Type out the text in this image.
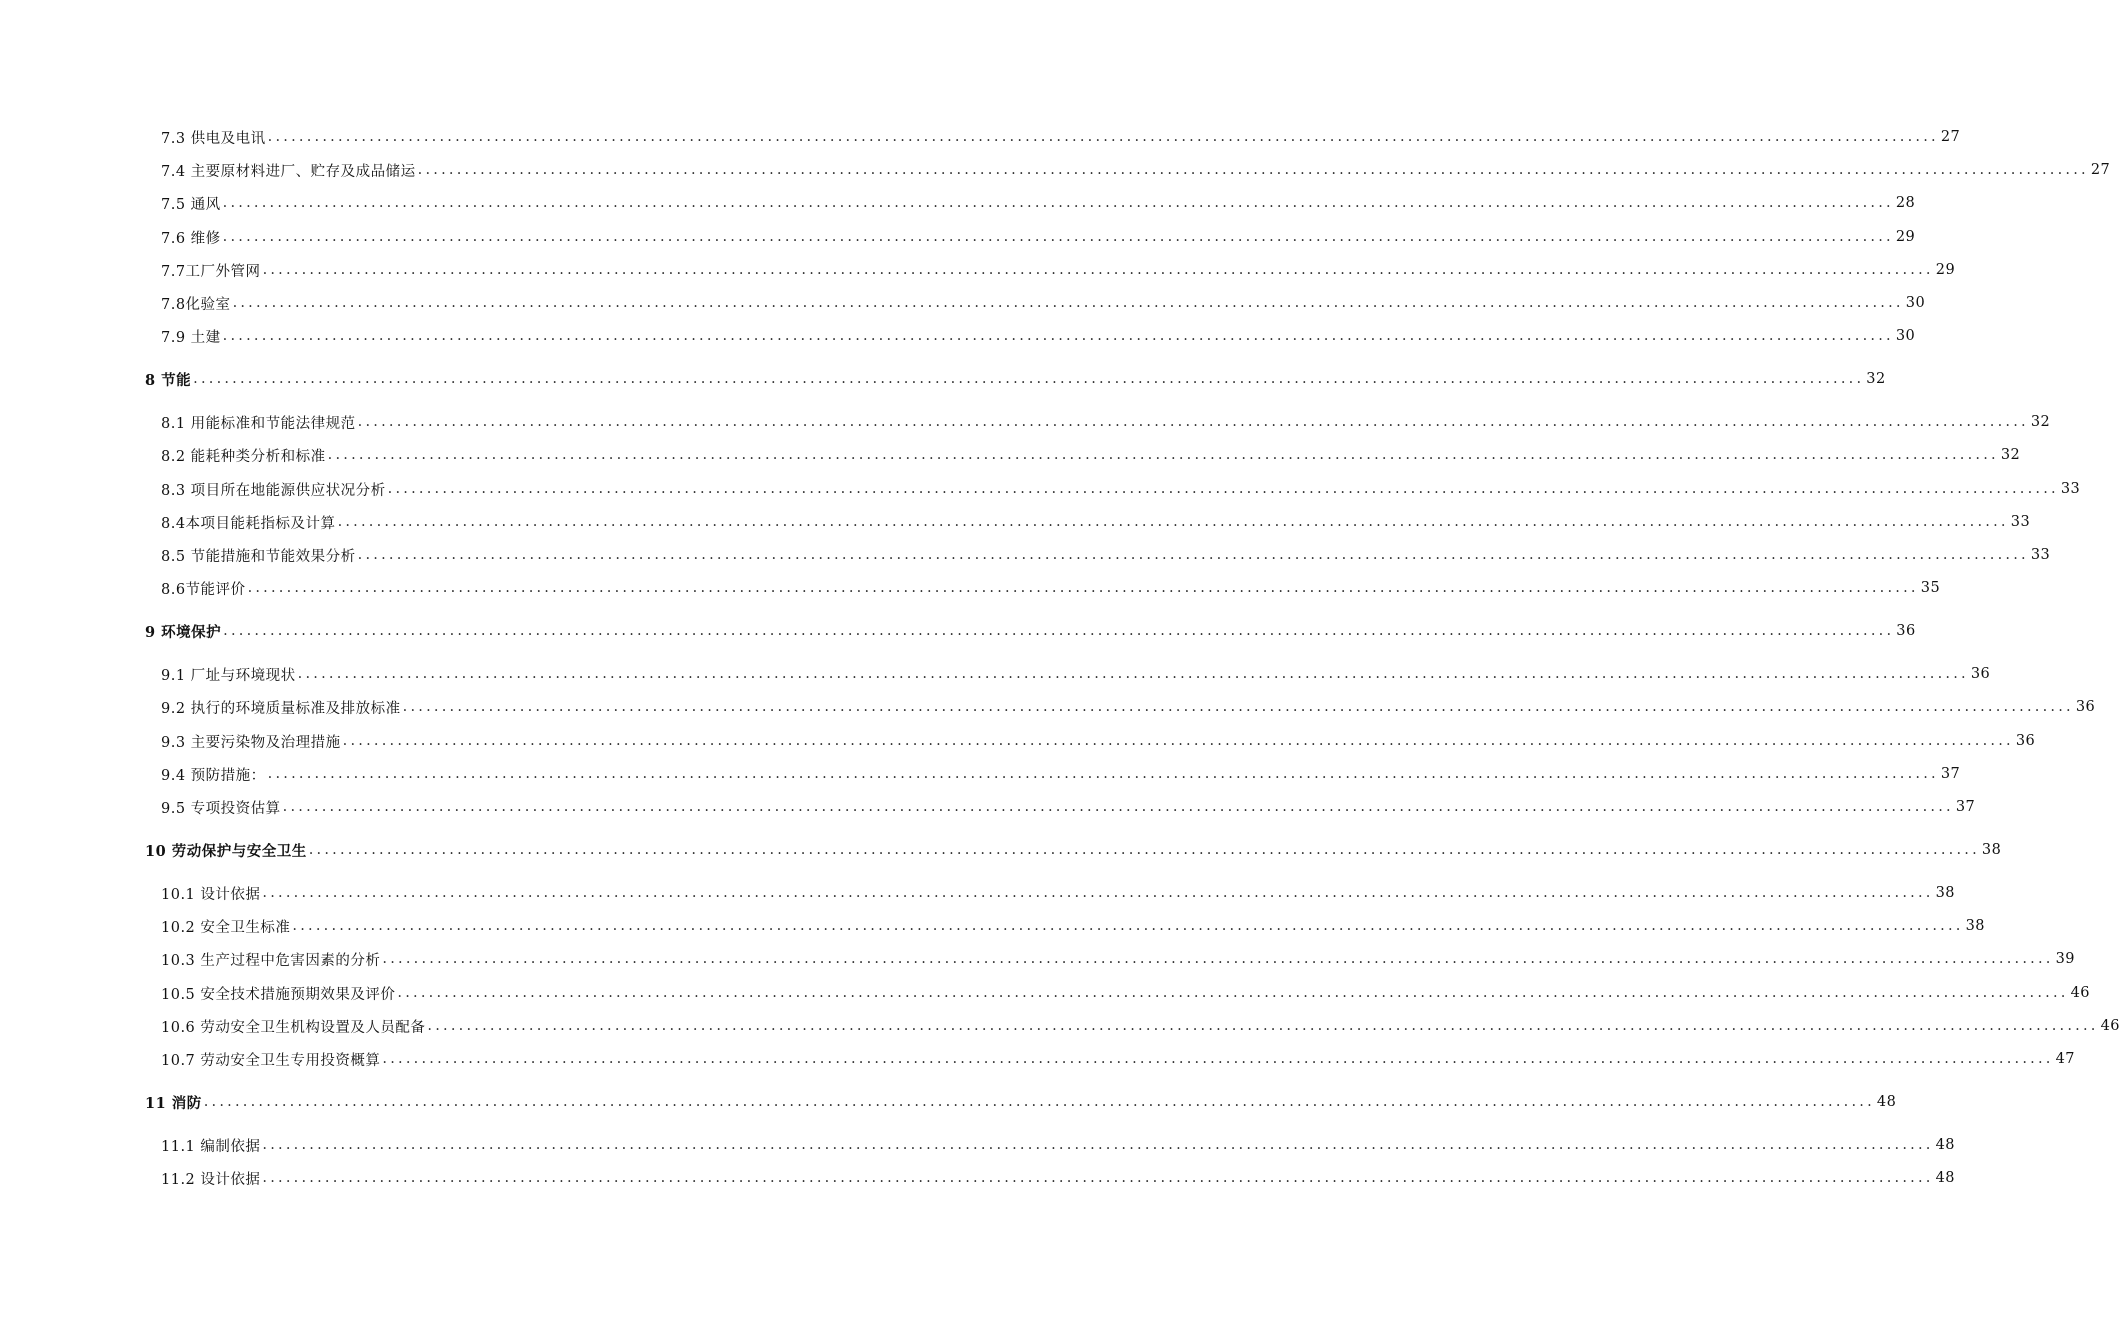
7.3 供电及电讯 .....	27
7.4 主要原材料进厂、贮存及成品储运 .....	27
7.5 通风 .....	28
7.6 维修 .....	29
7.7工厂外管网 .....	29
7.8化验室 .....	30
7.9 土建 .....	30
8 节能 .....	32
8.1 用能标准和节能法律规范 .....	32
8.2 能耗种类分析和标准 .....	32
8.3 项目所在地能源供应状况分析 .....	33
8.4本项目能耗指标及计算 .....	33
8.5 节能措施和节能效果分析 .....	33
8.6节能评价 .....	35
9 环境保护 .....	36
9.1 厂址与环境现状 .....	36
9.2 执行的环境质量标准及排放标准 .....	36
9.3 主要污染物及治理措施 .....	36
9.4 预防措施： .....	37
9.5 专项投资估算 .....	37
10 劳动保护与安全卫生 .....	38
10.1 设计依据 .....	38
10.2 安全卫生标准 .....	38
10.3 生产过程中危害因素的分析 .....	39
10.5 安全技术措施预期效果及评价 .....	46
10.6 劳动安全卫生机构设置及人员配备 .....	46
10.7 劳动安全卫生专用投资概算 .....	47
11 消防 .....	48
11.1 编制依据 .....	48
11.2 设计依据 .....	48
